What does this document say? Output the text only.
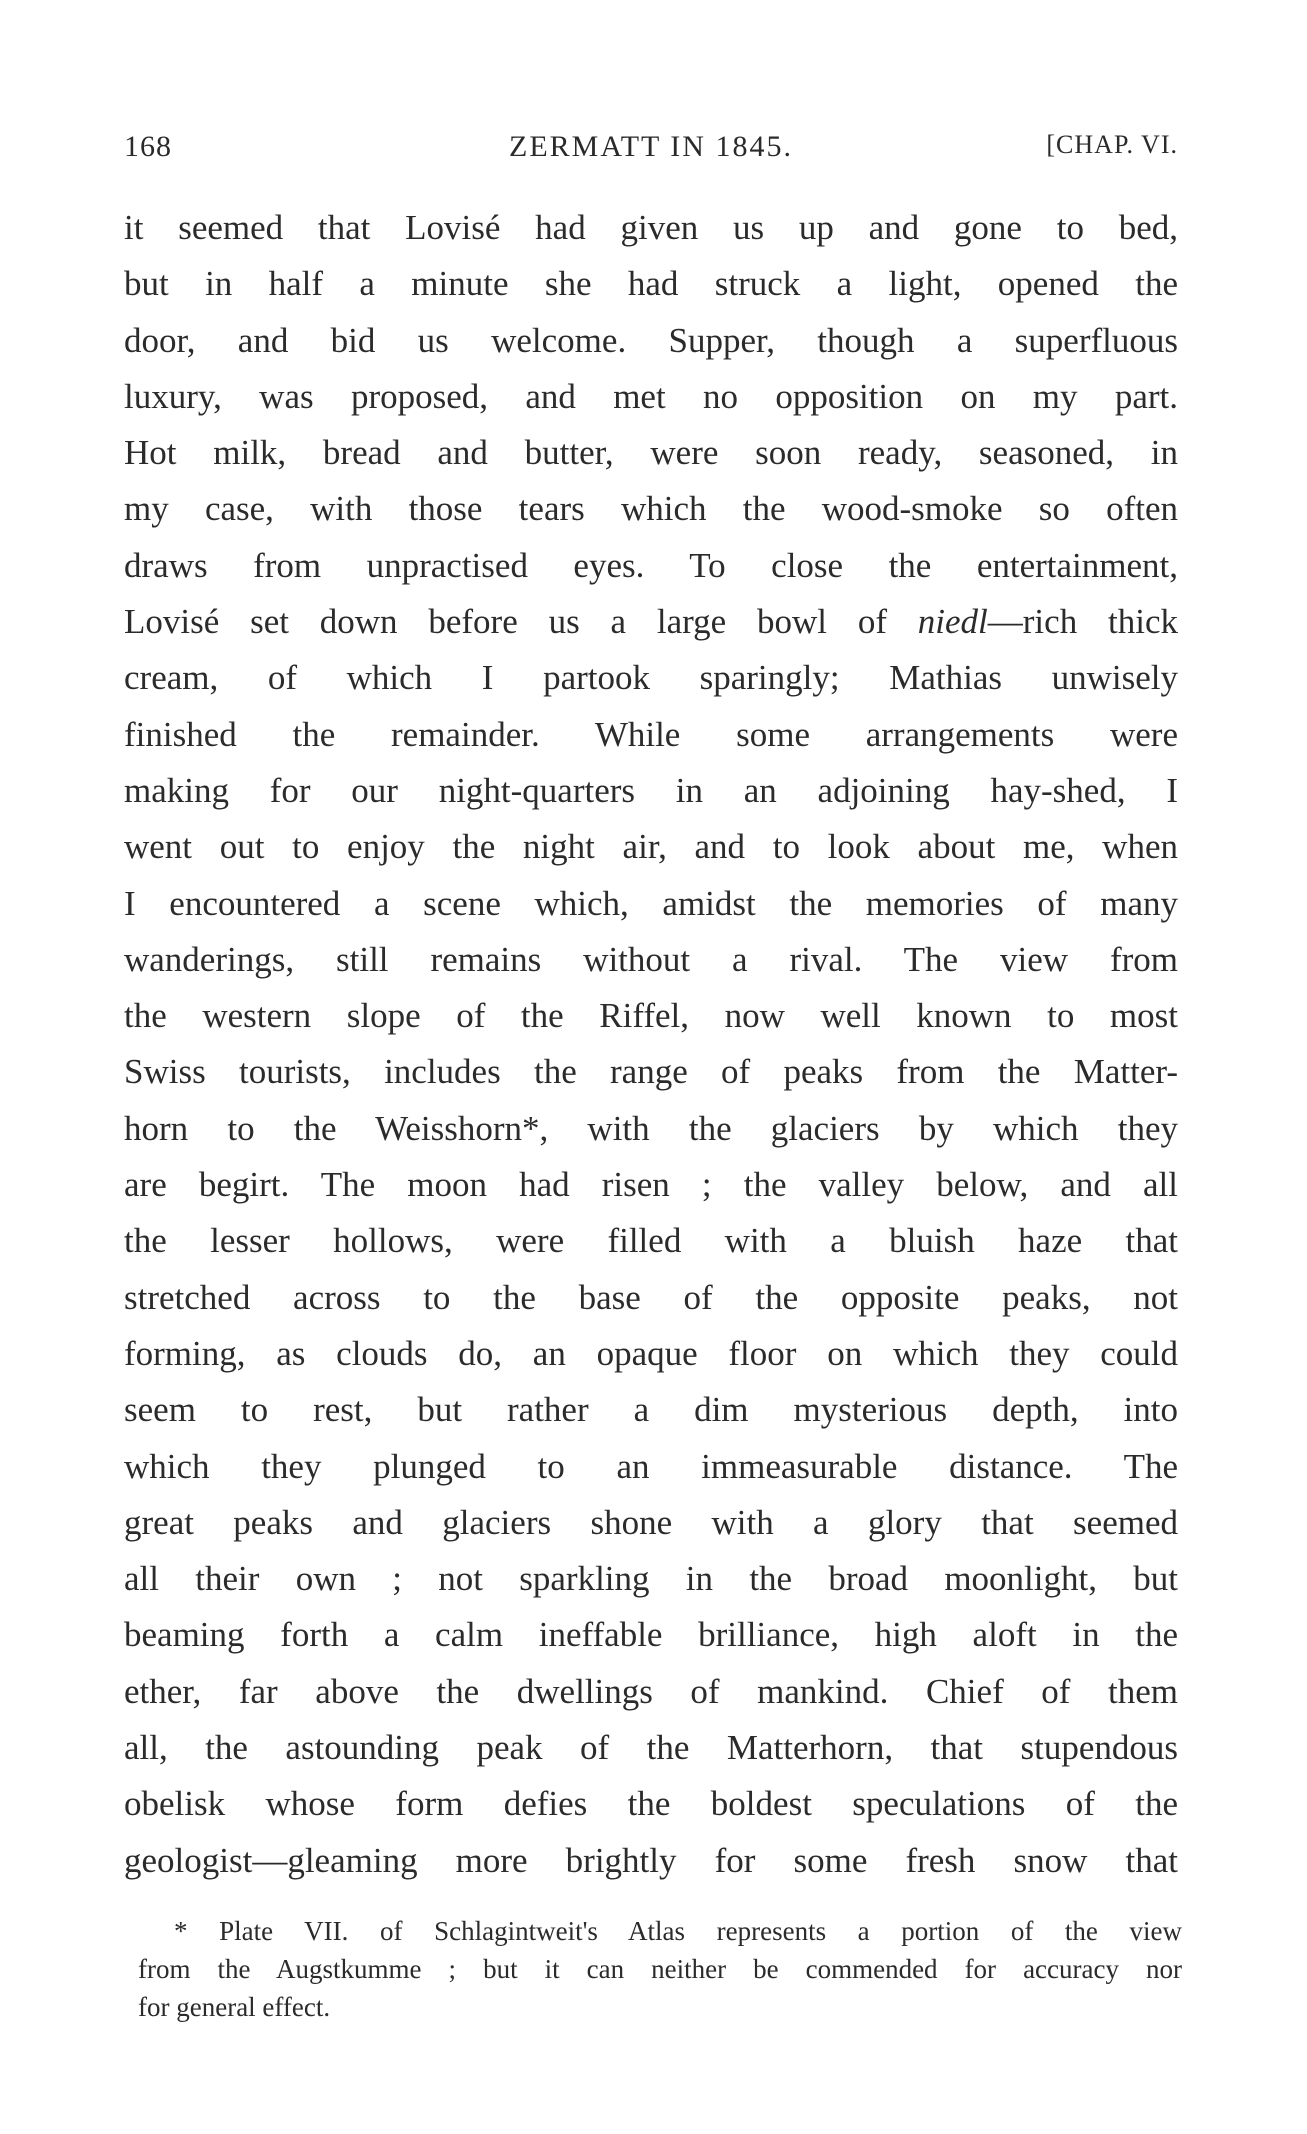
168	ZERMATT IN 1845.	[CHAP. VI.
it seemed that Lovisé had given us up and gone to bed,
but in half a minute she had struck a light, opened the
door, and bid us welcome. Supper, though a superfluous
luxury, was proposed, and met no opposition on my part.
Hot milk, bread and butter, were soon ready, seasoned, in
my case, with those tears which the wood-smoke so often
draws from unpractised eyes. To close the entertainment,
Lovisé set down before us a large bowl of niedl—rich thick
cream, of which I partook sparingly; Mathias unwisely
finished the remainder. While some arrangements were
making for our night-quarters in an adjoining hay-shed, I
went out to enjoy the night air, and to look about me, when
I encountered a scene which, amidst the memories of many
wanderings, still remains without a rival. The view from
the western slope of the Riffel, now well known to most
Swiss tourists, includes the range of peaks from the Matter-
horn to the Weisshorn*, with the glaciers by which they
are begirt. The moon had risen ; the valley below, and all
the lesser hollows, were filled with a bluish haze that
stretched across to the base of the opposite peaks, not
forming, as clouds do, an opaque floor on which they could
seem to rest, but rather a dim mysterious depth, into
which they plunged to an immeasurable distance. The
great peaks and glaciers shone with a glory that seemed
all their own ; not sparkling in the broad moonlight, but
beaming forth a calm ineffable brilliance, high aloft in the
ether, far above the dwellings of mankind. Chief of them
all, the astounding peak of the Matterhorn, that stupendous
obelisk whose form defies the boldest speculations of the
geologist—gleaming more brightly for some fresh snow that
* Plate VII. of Schlagintweit's Atlas represents a portion of the view
from the Augstkumme ; but it can neither be commended for accuracy nor
for general effect.
